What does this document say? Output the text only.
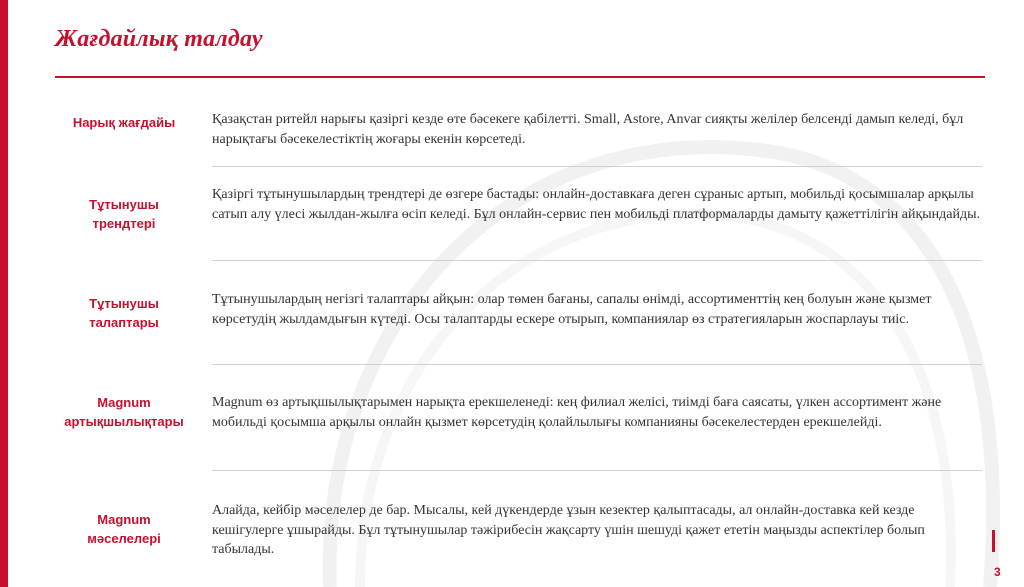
Жағдайлық талдау
Нарық жағдайы	Қазақстан ритейл нарығы қазіргі кезде өте бәсекеге қабілетті. Small, Astore, Anvar сияқты желілер белсенді дамып келеді, бұл нарықтағы бәсекелестіктің жоғары екенін көрсетеді.
Тұтынушы трендтері
Қазіргі тұтынушылардың трендтері де өзгере бастады: онлайн-доставкаға деген сұраныс артып, мобильді қосымшалар арқылы сатып алу үлесі жылдан-жылға өсіп келеді. Бұл онлайн-сервис пен мобильді платформаларды дамыту қажеттілігін айқындайды.
Тұтынушы талаптары
Тұтынушылардың негізгі талаптары айқын: олар төмен бағаны, сапалы өнімді, ассортименттің кең болуын және қызмет көрсетудің жылдамдығын күтеді. Осы талаптарды ескере отырып, компаниялар өз стратегияларын жоспарлауы тиіс.
Magnum артықшылықтары
Magnum өз артықшылықтарымен нарықта ерекшеленеді: кең филиал желісі, тиімді баға саясаты, үлкен ассортимент және мобильді қосымша арқылы онлайн қызмет көрсетудің қолайлылығы компанияны бәсекелестерден ерекшелейді.
Magnum мәселелері
Алайда, кейбір мәселелер де бар. Мысалы, кей дүкендерде ұзын кезектер қалыптасады, ал онлайн-доставка кей кезде кешігулерге ұшырайды. Бұл тұтынушылар тәжірибесін жақсарту үшін шешуді қажет ететін маңызды аспектілер болып табылады.
3
